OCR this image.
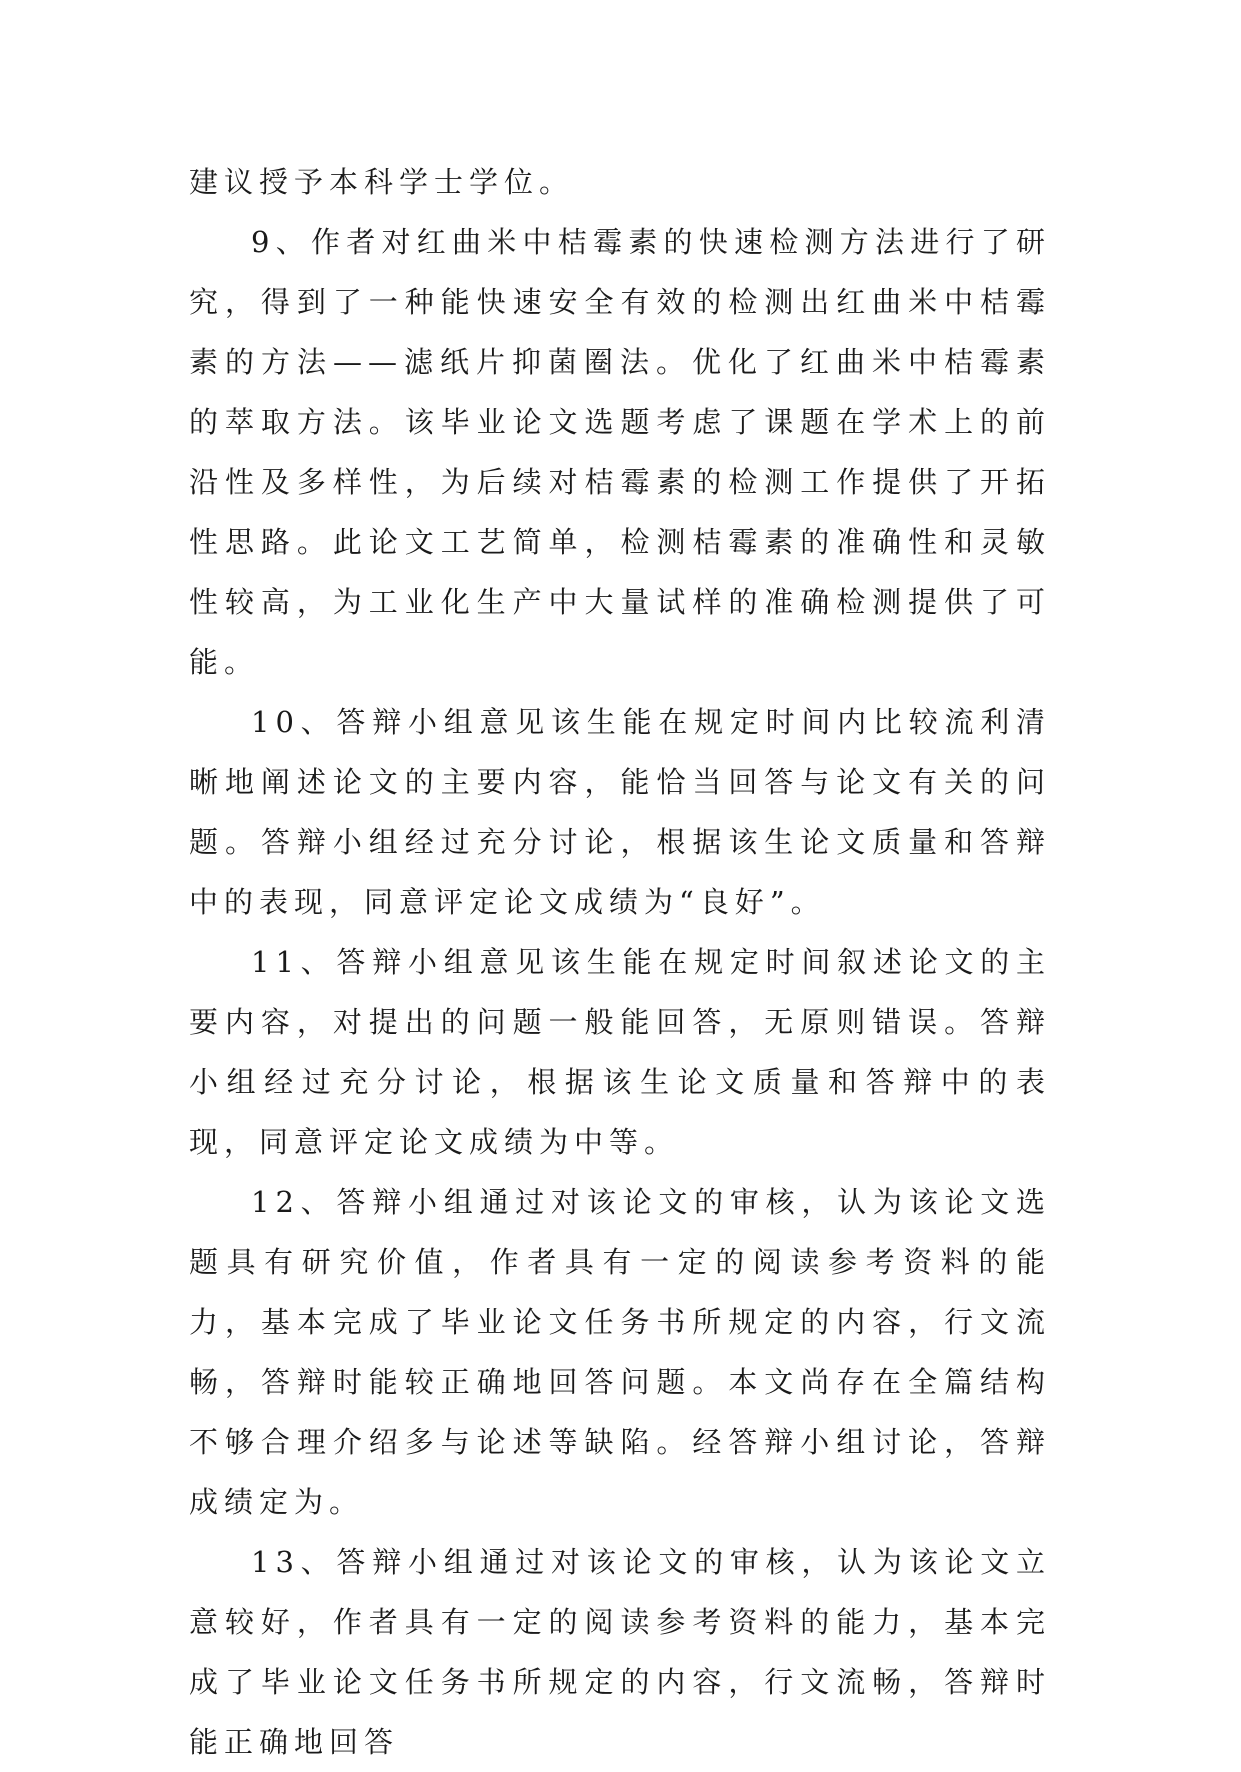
建议授予本科学士学位。

9、作者对红曲米中桔霉素的快速检测方法进行了研究，得到了一种能快速安全有效的检测出红曲米中桔霉素的方法——滤纸片抑菌圈法。优化了红曲米中桔霉素的萃取方法。该毕业论文选题考虑了课题在学术上的前沿性及多样性，为后续对桔霉素的检测工作提供了开拓性思路。此论文工艺简单，检测桔霉素的准确性和灵敏性较高，为工业化生产中大量试样的准确检测提供了可能。

10、答辩小组意见该生能在规定时间内比较流利清晰地阐述论文的主要内容，能恰当回答与论文有关的问题。答辩小组经过充分讨论，根据该生论文质量和答辩中的表现，同意评定论文成绩为“良好”。

11、答辩小组意见该生能在规定时间叙述论文的主要内容，对提出的问题一般能回答，无原则错误。答辩小组经过充分讨论，根据该生论文质量和答辩中的表现，同意评定论文成绩为中等。

12、答辩小组通过对该论文的审核，认为该论文选题具有研究价值，作者具有一定的阅读参考资料的能力，基本完成了毕业论文任务书所规定的内容，行文流畅，答辩时能较正确地回答问题。本文尚存在全篇结构不够合理介绍多与论述等缺陷。经答辩小组讨论，答辩成绩定为。

13、答辩小组通过对该论文的审核，认为该论文立意较好，作者具有一定的阅读参考资料的能力，基本完成了毕业论文任务书所规定的内容，行文流畅，答辩时能正确地回答
